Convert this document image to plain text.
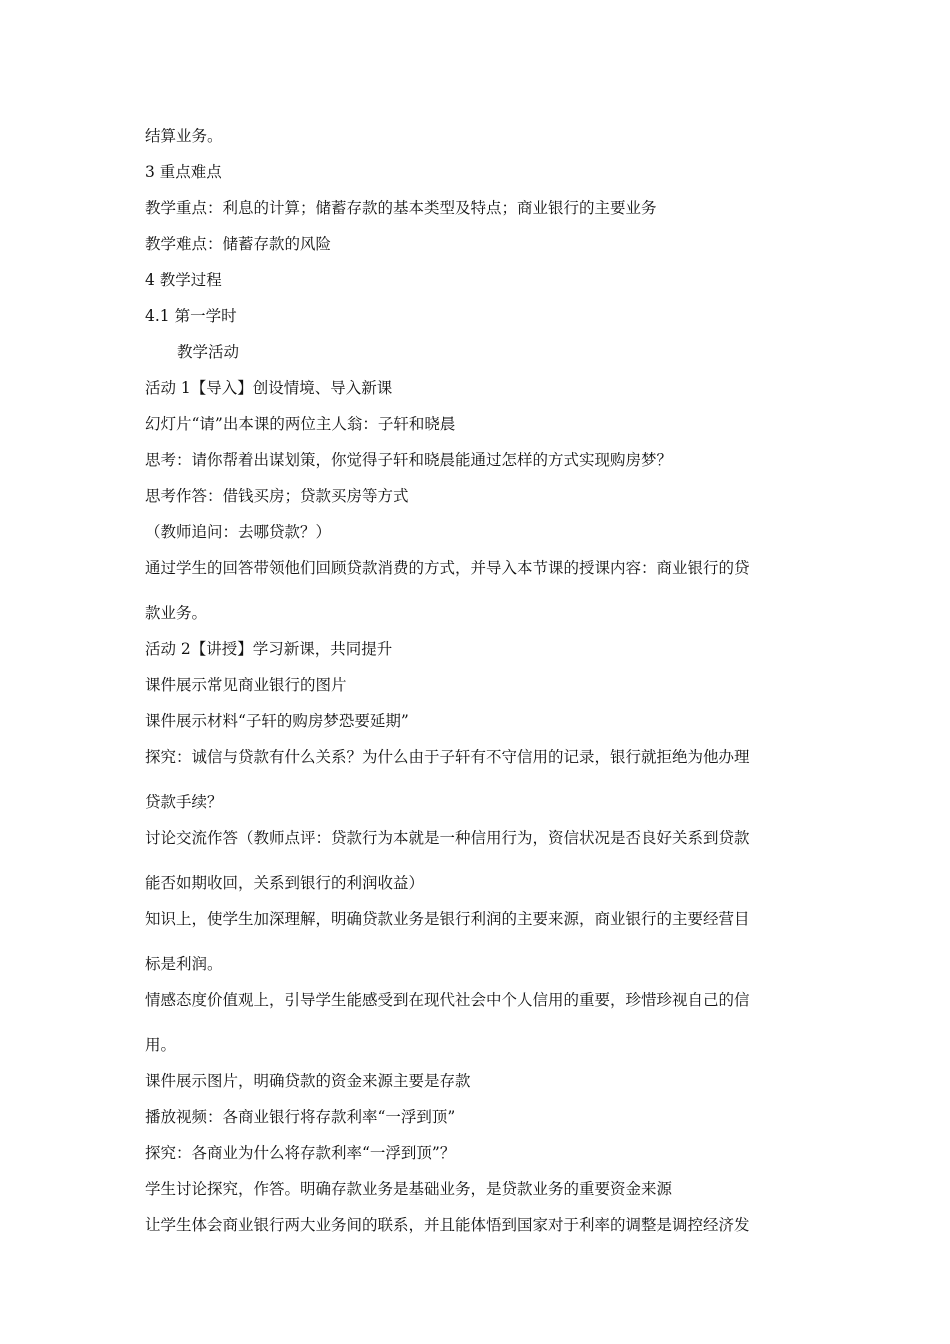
结算业务。
3 重点难点
教学重点：利息的计算；储蓄存款的基本类型及特点；商业银行的主要业务
教学难点：储蓄存款的风险
4 教学过程
4.1 第一学时
教学活动
活动 1【导入】创设情境、导入新课
幻灯片“请”出本课的两位主人翁：子轩和晓晨
思考：请你帮着出谋划策，你觉得子轩和晓晨能通过怎样的方式实现购房梦？
思考作答：借钱买房；贷款买房等方式
（教师追问：去哪贷款？）
通过学生的回答带领他们回顾贷款消费的方式，并导入本节课的授课内容：商业银行的贷
款业务。
活动 2【讲授】学习新课，共同提升
课件展示常见商业银行的图片
课件展示材料“子轩的购房梦恐要延期”
探究：诚信与贷款有什么关系？为什么由于子轩有不守信用的记录，银行就拒绝为他办理
贷款手续？
讨论交流作答（教师点评：贷款行为本就是一种信用行为，资信状况是否良好关系到贷款
能否如期收回，关系到银行的利润收益）
知识上，使学生加深理解，明确贷款业务是银行利润的主要来源，商业银行的主要经营目
标是利润。
情感态度价值观上，引导学生能感受到在现代社会中个人信用的重要，珍惜珍视自己的信
用。
课件展示图片，明确贷款的资金来源主要是存款
播放视频：各商业银行将存款利率“一浮到顶”
探究：各商业为什么将存款利率“一浮到顶”？
学生讨论探究，作答。明确存款业务是基础业务，是贷款业务的重要资金来源
让学生体会商业银行两大业务间的联系，并且能体悟到国家对于利率的调整是调控经济发
